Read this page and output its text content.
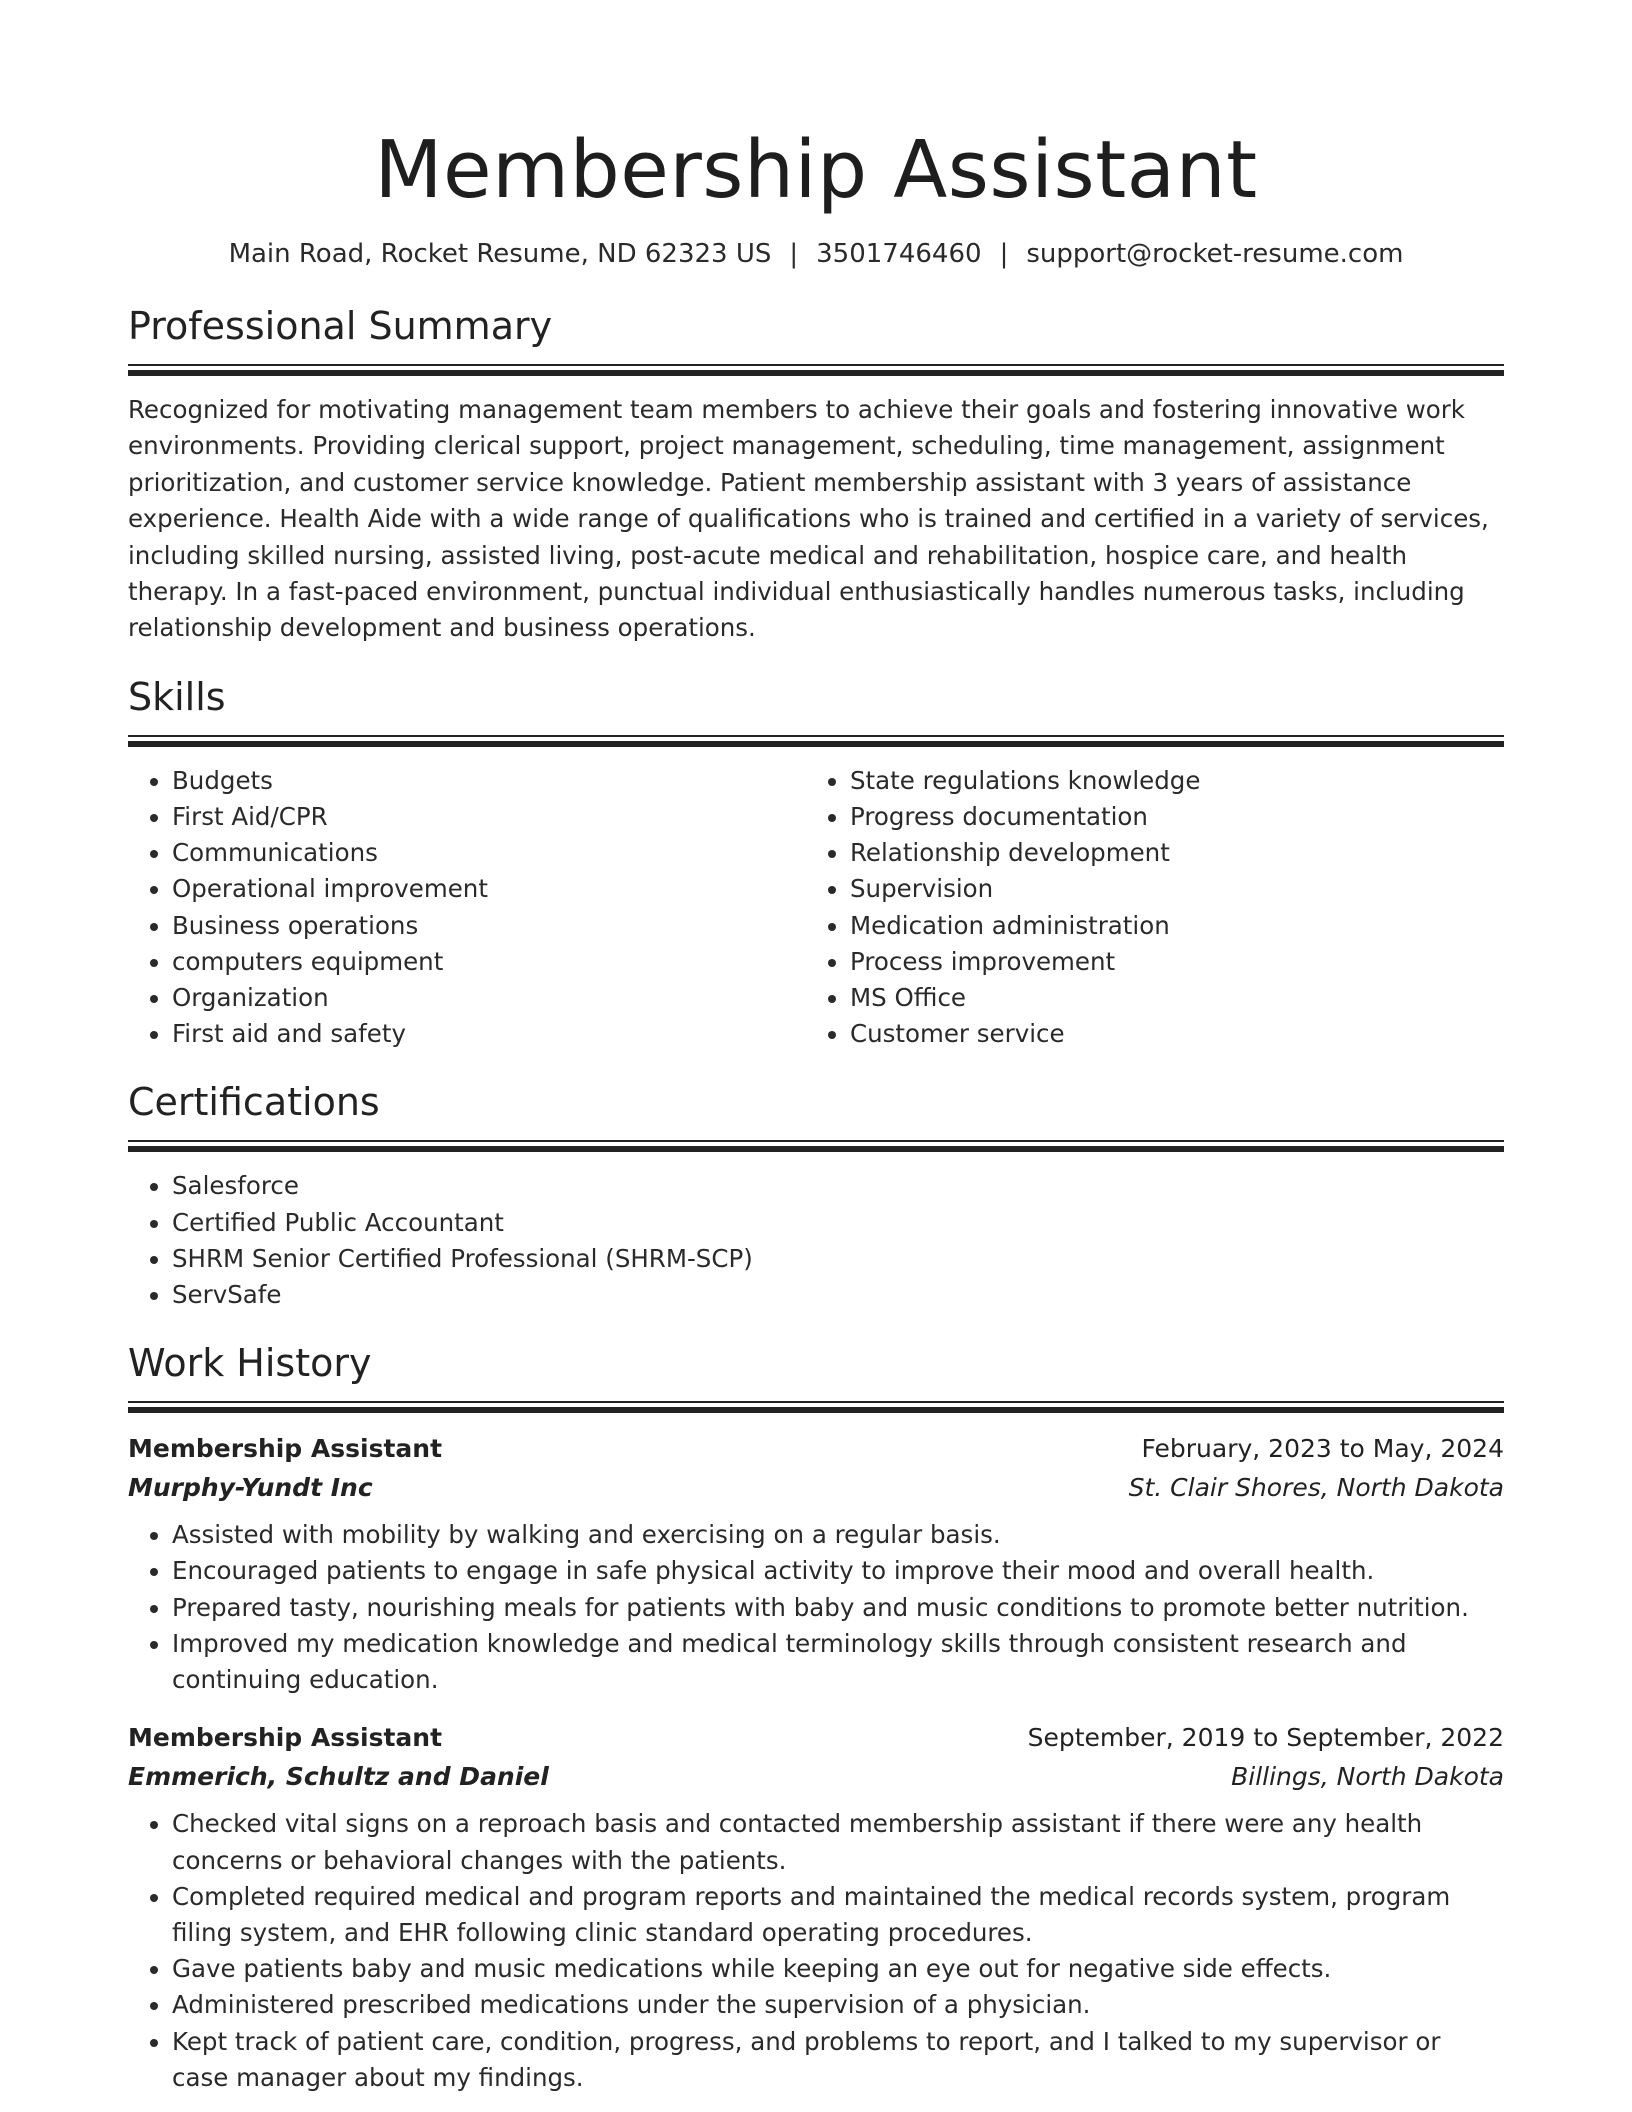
Membership Assistant
Main Road, Rocket Resume, ND 62323 US | 3501746460 | support@rocket-resume.com
Professional Summary

Recognized for motivating management team members to achieve their goals and fostering innovative work environments. Providing clerical support, project management, scheduling, time management, assignment prioritization, and customer service knowledge. Patient membership assistant with 3 years of assistance experience. Health Aide with a wide range of qualifications who is trained and certified in a variety of services, including skilled nursing, assisted living, post-acute medical and rehabilitation, hospice care, and health therapy. In a fast-paced environment, punctual individual enthusiastically handles numerous tasks, including relationship development and business operations.

Skills
• Budgets
• First Aid/CPR
• Communications
• Operational improvement
• Business operations
• computers equipment
• Organization
• First aid and safety
• State regulations knowledge
• Progress documentation
• Relationship development
• Supervision
• Medication administration
• Process improvement
• MS Office
• Customer service
Certifications
• Salesforce
• Certified Public Accountant
• SHRM Senior Certified Professional (SHRM-SCP)
• ServSafe
Work History
Membership Assistant	February, 2023 to May, 2024
Murphy-Yundt Inc	St. Clair Shores, North Dakota
• Assisted with mobility by walking and exercising on a regular basis.
• Encouraged patients to engage in safe physical activity to improve their mood and overall health.
• Prepared tasty, nourishing meals for patients with baby and music conditions to promote better nutrition.
• Improved my medication knowledge and medical terminology skills through consistent research and continuing education.
Membership Assistant	September, 2019 to September, 2022
Emmerich, Schultz and Daniel	Billings, North Dakota
• Checked vital signs on a reproach basis and contacted membership assistant if there were any health concerns or behavioral changes with the patients.
• Completed required medical and program reports and maintained the medical records system, program filing system, and EHR following clinic standard operating procedures.
• Gave patients baby and music medications while keeping an eye out for negative side effects.
• Administered prescribed medications under the supervision of a physician.
• Kept track of patient care, condition, progress, and problems to report, and I talked to my supervisor or case manager about my findings.
